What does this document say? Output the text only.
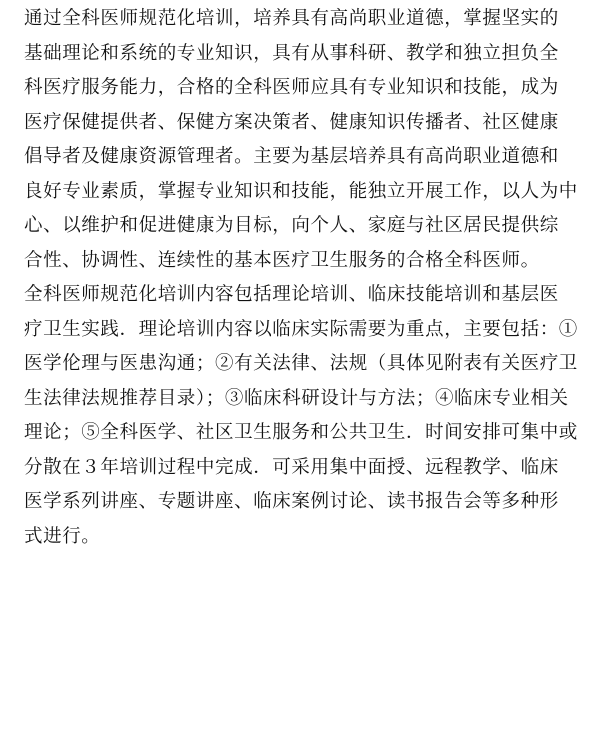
通过全科医师规范化培训，培养具有高尚职业道德，掌握坚实的
基础理论和系统的专业知识，具有从事科研、教学和独立担负全
科医疗服务能力，合格的全科医师应具有专业知识和技能，成为
医疗保健提供者、保健方案决策者、健康知识传播者、社区健康
倡导者及健康资源管理者。主要为基层培养具有高尚职业道德和
良好专业素质，掌握专业知识和技能，能独立开展工作，以人为中
心、以维护和促进健康为目标，向个人、家庭与社区居民提供综
合性、协调性、连续性的基本医疗卫生服务的合格全科医师。
全科医师规范化培训内容包括理论培训、临床技能培训和基层医
疗卫生实践．理论培训内容以临床实际需要为重点，主要包括：①
医学伦理与医患沟通；②有关法律、法规（具体见附表有关医疗卫
生法律法规推荐目录）；③临床科研设计与方法；④临床专业相关
理论；⑤全科医学、社区卫生服务和公共卫生．时间安排可集中或
分散在３年培训过程中完成．可采用集中面授、远程教学、临床
医学系列讲座、专题讲座、临床案例讨论、读书报告会等多种形
式进行。
